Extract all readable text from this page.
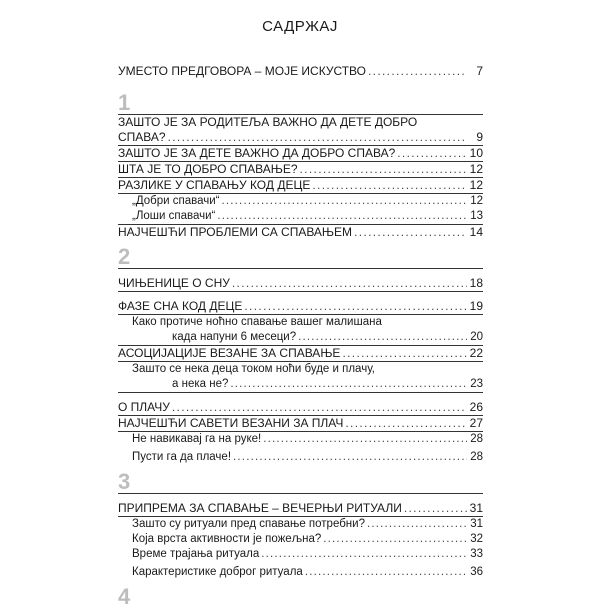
САДРЖАЈ
УМЕСТО ПРЕДГОВОРА – МОЈЕ ИСКУСТВО . . .	7
1
ЗАШТО ЈЕ ЗА РОДИТЕЉА ВАЖНО ДА ДЕТЕ ДОБРО
СПАВА? . . .	9
ЗАШТО ЈЕ ЗА ДЕТЕ ВАЖНО ДА ДОБРО СПАВА? . . .	10
ШТА ЈЕ ТО ДОБРО СПАВАЊЕ? . . .	12
РАЗЛИКЕ У СПАВАЊУ КОД ДЕЦЕ . . .	12
„Добри спавачи“ . . .	12
„Лоши спавачи“ . . .	13
НАЈЧЕШЋИ ПРОБЛЕМИ СА СПАВАЊЕМ . . .	14
2
ЧИЊЕНИЦЕ О СНУ . . .	18
ФАЗЕ СНА КОД ДЕЦЕ . . .	19
Како протиче ноћно спавање вашег малишана
када напуни 6 месеци? . . .	20
АСОЦИЈАЦИЈЕ ВЕЗАНЕ ЗА СПАВАЊЕ . . .	22
Зашто се нека деца током ноћи буде и плачу,
а нека не? . . .	23
О ПЛАЧУ . . .	26
НАЈЧЕШЋИ САВЕТИ ВЕЗАНИ ЗА ПЛАЧ . . .	27
Не навикавај га на руке! . . .	28
Пусти га да плаче! . . .	28
3
ПРИПРЕМА ЗА СПАВАЊЕ – ВЕЧЕРЊИ РИТУАЛИ . . .	31
Зашто су ритуали пред спавање потребни? . . .	31
Која врста активности је пожељна? . . .	32
Време трајања ритуала . . .	33
Карактеристике доброг ритуала . . .	36
4
